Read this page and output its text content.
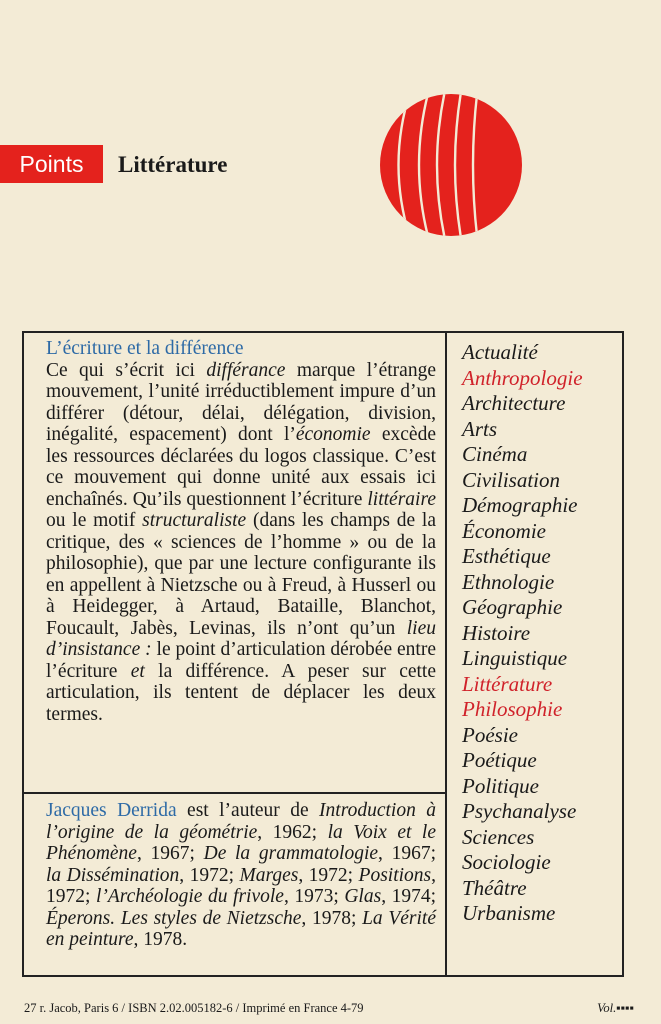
Points	Littérature
L’écriture et la différence

Ce qui s’écrit ici différance marque l’étrange mouvement, l’unité irréductiblement impure d’un différer (détour, délai, délégation, division, inégalité, espacement) dont l’économie excède les ressources déclarées du logos classique. C’est ce mouvement qui donne unité aux essais ici enchaînés. Qu’ils questionnent l’écriture littéraire ou le motif structuraliste (dans les champs de la critique, des « sciences de l’homme » ou de la philosophie), que par une lecture configurante ils en appellent à Nietzsche ou à Freud, à Husserl ou à Heidegger, à Artaud, Bataille, Blanchot, Foucault, Jabès, Levinas, ils n’ont qu’un lieu d’insistance : le point d’articulation dérobée entre l’écriture et la différence. A peser sur cette articulation, ils tentent de déplacer les deux termes.

Jacques Derrida est l’auteur de Introduction à l’origine de la géométrie, 1962; la Voix et le Phénomène, 1967; De la grammatologie, 1967; la Dissémination, 1972; Marges, 1972; Positions, 1972; l’Archéologie du frivole, 1973; Glas, 1974; Éperons. Les styles de Nietzsche, 1978; La Vérité en peinture, 1978.

Actualité
Anthropologie
Architecture
Arts
Cinéma
Civilisation
Démographie
Économie
Esthétique
Ethnologie
Géographie
Histoire
Linguistique
Littérature
Philosophie
Poésie
Poétique
Politique
Psychanalyse
Sciences
Sociologie
Théâtre
Urbanisme
27 r. Jacob, Paris 6 / ISBN 2.02.005182-6 / Imprimé en France 4-79	Vol.▪▪▪▪
